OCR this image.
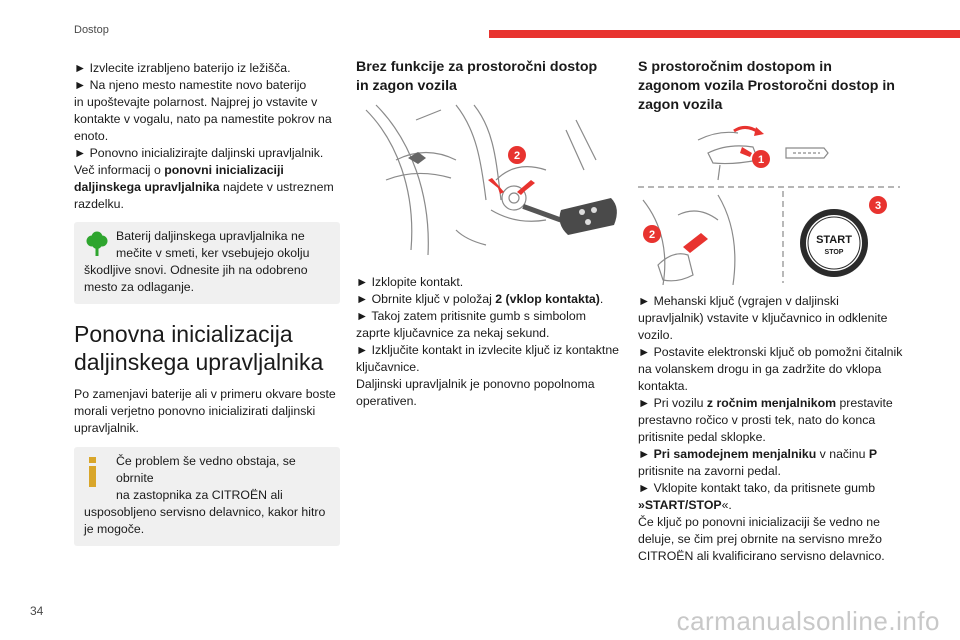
Dostop

► Izvlecite izrabljeno baterijo iz ležišča.

► Na njeno mesto namestite novo baterijo

in upoštevajte polarnost. Najprej jo vstavite v

kontakte v vogalu, nato pa namestite pokrov na

enoto.

► Ponovno inicializirajte daljinski upravljalnik.

Več informacij o ponovni inicializaciji

daljinskega upravljalnika najdete v ustreznem

razdelku.

Baterij daljinskega upravljalnika ne

mečite v smeti, ker vsebujejo okolju

škodljive snovi. Odnesite jih na odobreno

mesto za odlaganje.

Ponovna inicializacija
daljinskega upravljalnika

Po zamenjavi baterije ali v primeru okvare boste

morali verjetno ponovno inicializirati daljinski

upravljalnik.

Če problem še vedno obstaja, se obrnite

na zastopnika za CITROËN ali

usposobljeno servisno delavnico, kakor hitro

je mogoče.

Brez funkcije za prostoročni dostop
in zagon vozila
2

► Izklopite kontakt.

► Obrnite ključ v položaj 2 (vklop kontakta).

► Takoj zatem pritisnite gumb s simbolom

zaprte ključavnice za nekaj sekund.

► Izključite kontakt in izvlecite ključ iz kontaktne

ključavnice.

Daljinski upravljalnik je ponovno popolnoma

operativen.

S prostoročnim dostopom in
zagonom vozila Prostoročni dostop in
zagon vozila
1
2	START
STOP
3

► Mehanski ključ (vgrajen v daljinski

upravljalnik) vstavite v ključavnico in odklenite

vozilo.

► Postavite elektronski ključ ob pomožni čitalnik

na volanskem drogu in ga zadržite do vklopa

kontakta.

► Pri vozilu z ročnim menjalnikom prestavite

prestavno ročico v prosti tek, nato do konca

pritisnite pedal sklopke.

► Pri samodejnem menjalniku v načinu P

pritisnite na zavorni pedal.

► Vklopite kontakt tako, da pritisnete gumb

»START/STOP«.

Če ključ po ponovni inicializaciji še vedno ne

deluje, se čim prej obrnite na servisno mrežo

CITROËN ali kvalificirano servisno delavnico.

34	carmanualsonline.info
